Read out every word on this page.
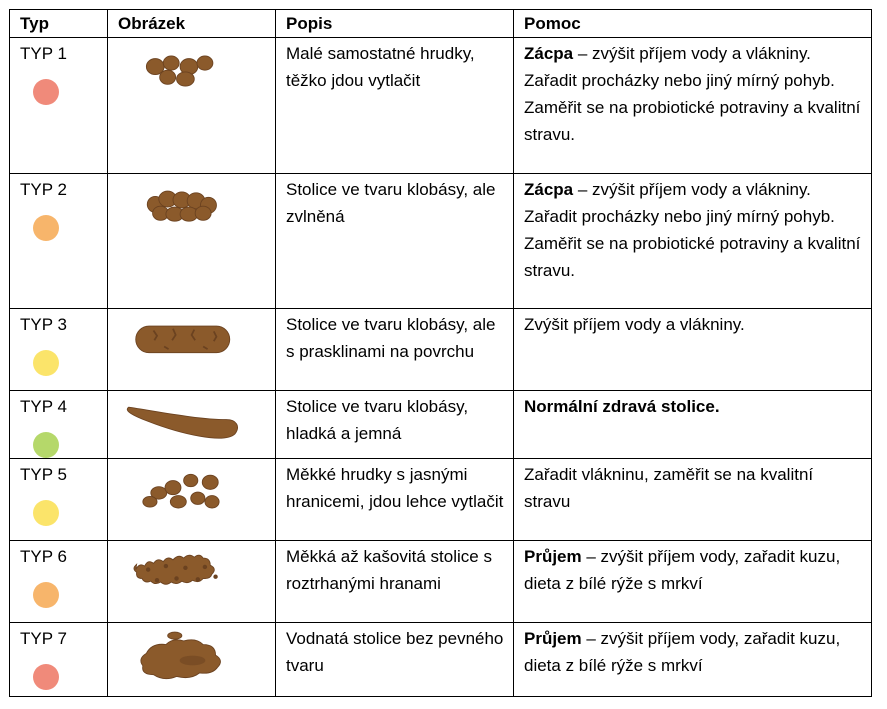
Typ	Obrázek	Popis	Pomoc

TYP 1		Malé samostatné hrudky, těžko jdou vytlačit	Zácpa – zvýšit příjem vody a vlákniny. Zařadit procházky nebo jiný mírný pohyb. Zaměřit se na probiotické potraviny a kvalitní stravu.

TYP 2		Stolice ve tvaru klobásy, ale zvlněná	Zácpa – zvýšit příjem vody a vlákniny. Zařadit procházky nebo jiný mírný pohyb. Zaměřit se na probiotické potraviny a kvalitní stravu.

TYP 3		Stolice ve tvaru klobásy, ale s prasklinami na povrchu	Zvýšit příjem vody a vlákniny.

TYP 4		Stolice ve tvaru klobásy, hladká a jemná	Normální zdravá stolice.

TYP 5		Měkké hrudky s jasnými hranicemi, jdou lehce vytlačit	Zařadit vlákninu, zaměřit se na kvalitní stravu

TYP 6		Měkká až kašovitá stolice s roztrhanými hranami	Průjem – zvýšit příjem vody, zařadit kuzu, dieta z bílé rýže s mrkví

TYP 7		Vodnatá stolice bez pevného tvaru	Průjem – zvýšit příjem vody, zařadit kuzu, dieta z bílé rýže s mrkví
